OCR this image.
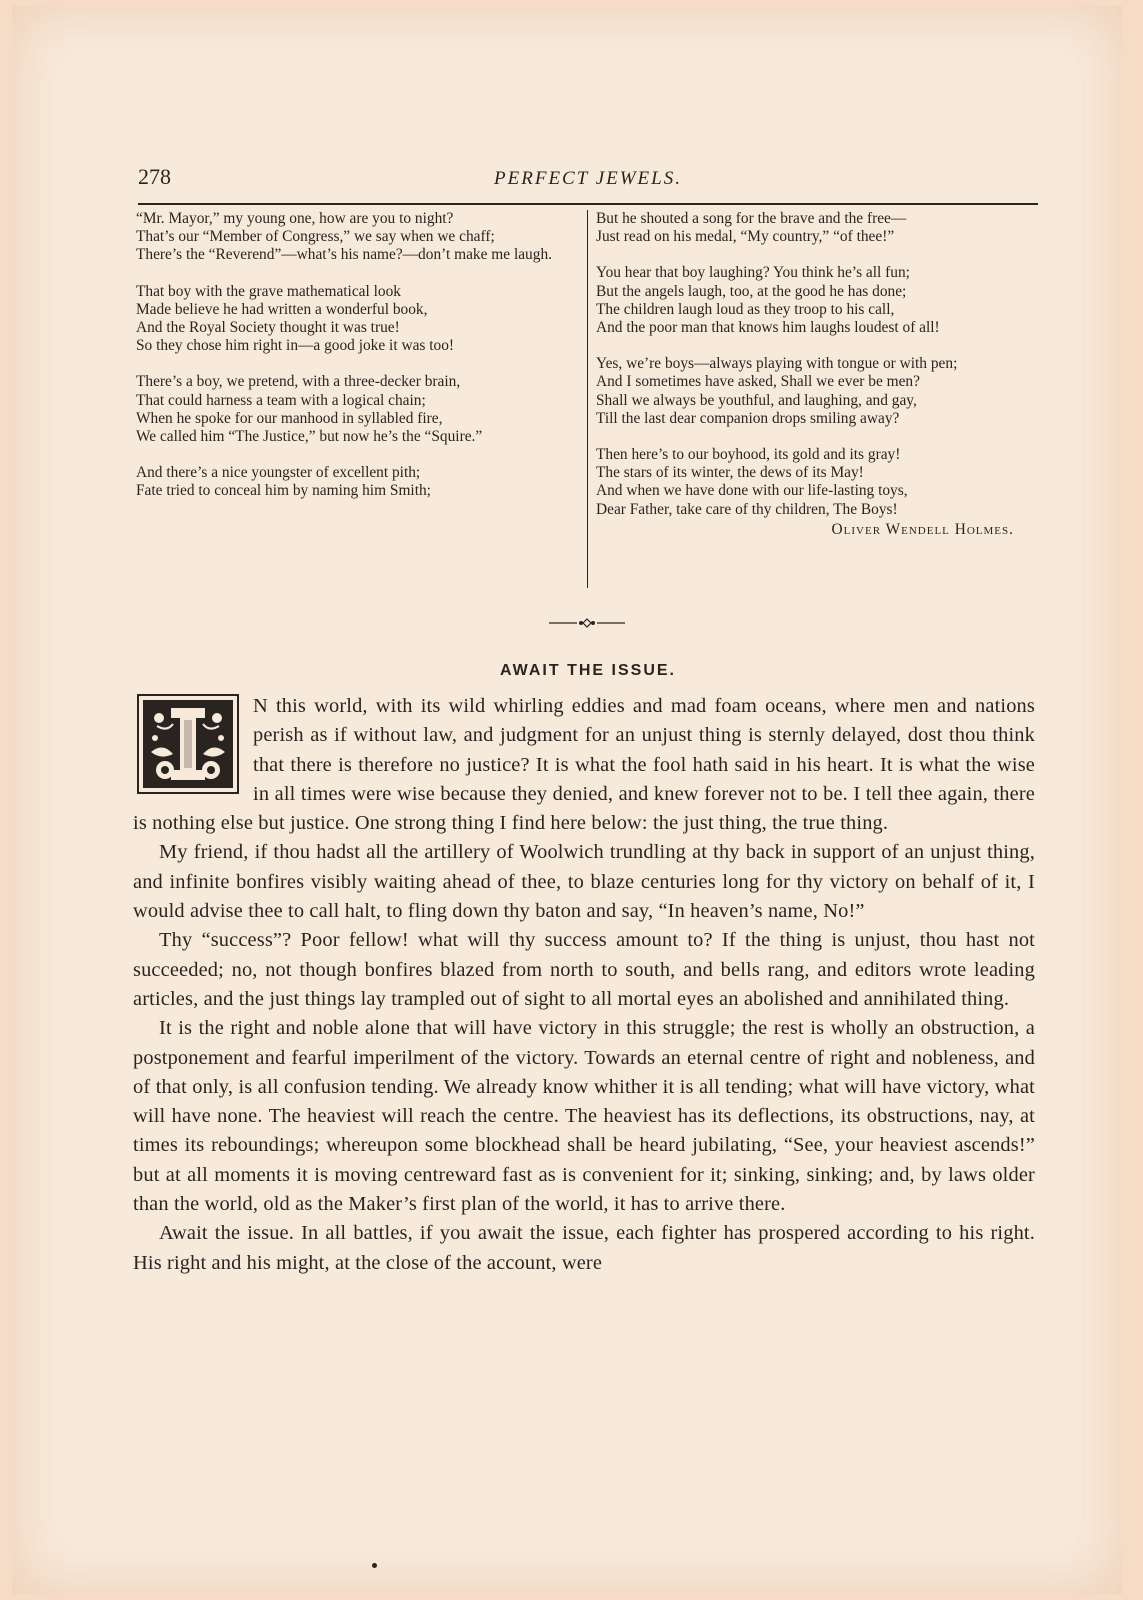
278	PERFECT JEWELS.
“Mr. Mayor,” my young one, how are you to night?
That’s our “Member of Congress,” we say when we chaff;
There’s the “Reverend”—what’s his name?—don’t make me laugh.
That boy with the grave mathematical look
Made believe he had written a wonderful book,
And the Royal Society thought it was true!
So they chose him right in—a good joke it was too!
There’s a boy, we pretend, with a three-decker brain,
That could harness a team with a logical chain;
When he spoke for our manhood in syllabled fire,
We called him “The Justice,” but now he’s the “Squire.”
And there’s a nice youngster of excellent pith;
Fate tried to conceal him by naming him Smith;
But he shouted a song for the brave and the free—
Just read on his medal, “My country,” “of thee!”
You hear that boy laughing? You think he’s all fun;
But the angels laugh, too, at the good he has done;
The children laugh loud as they troop to his call,
And the poor man that knows him laughs loudest of all!
Yes, we’re boys—always playing with tongue or with pen;
And I sometimes have asked, Shall we ever be men?
Shall we always be youthful, and laughing, and gay,
Till the last dear companion drops smiling away?
Then here’s to our boyhood, its gold and its gray!
The stars of its winter, the dews of its May!
And when we have done with our life-lasting toys,
Dear Father, take care of thy children, The Boys!
Oliver Wendell Holmes.
AWAIT THE ISSUE.

N this world, with its wild whirling eddies and mad foam oceans, where men and nations perish as if without law, and judgment for an unjust thing is sternly delayed, dost thou think that there is therefore no justice? It is what the fool hath said in his heart. It is what the wise in all times were wise because they denied, and knew forever not to be. I tell thee again, there is nothing else but justice. One strong thing I find here below: the just thing, the true thing.

My friend, if thou hadst all the artillery of Woolwich trundling at thy back in support of an unjust thing, and infinite bonfires visibly waiting ahead of thee, to blaze centuries long for thy victory on behalf of it, I would advise thee to call halt, to fling down thy baton and say, “In heaven’s name, No!”

Thy “success”? Poor fellow! what will thy success amount to? If the thing is unjust, thou hast not succeeded; no, not though bonfires blazed from north to south, and bells rang, and editors wrote leading articles, and the just things lay trampled out of sight to all mortal eyes an abolished and annihilated thing.

It is the right and noble alone that will have victory in this struggle; the rest is wholly an obstruction, a postponement and fearful imperilment of the victory. Towards an eternal centre of right and nobleness, and of that only, is all confusion tending. We already know whither it is all tending; what will have victory, what will have none. The heaviest will reach the centre. The heaviest has its deflections, its obstructions, nay, at times its reboundings; whereupon some blockhead shall be heard jubilating, “See, your heaviest ascends!” but at all moments it is moving centreward fast as is convenient for it; sinking, sinking; and, by laws older than the world, old as the Maker’s first plan of the world, it has to arrive there.

Await the issue. In all battles, if you await the issue, each fighter has prospered according to his right. His right and his might, at the close of the account, were
